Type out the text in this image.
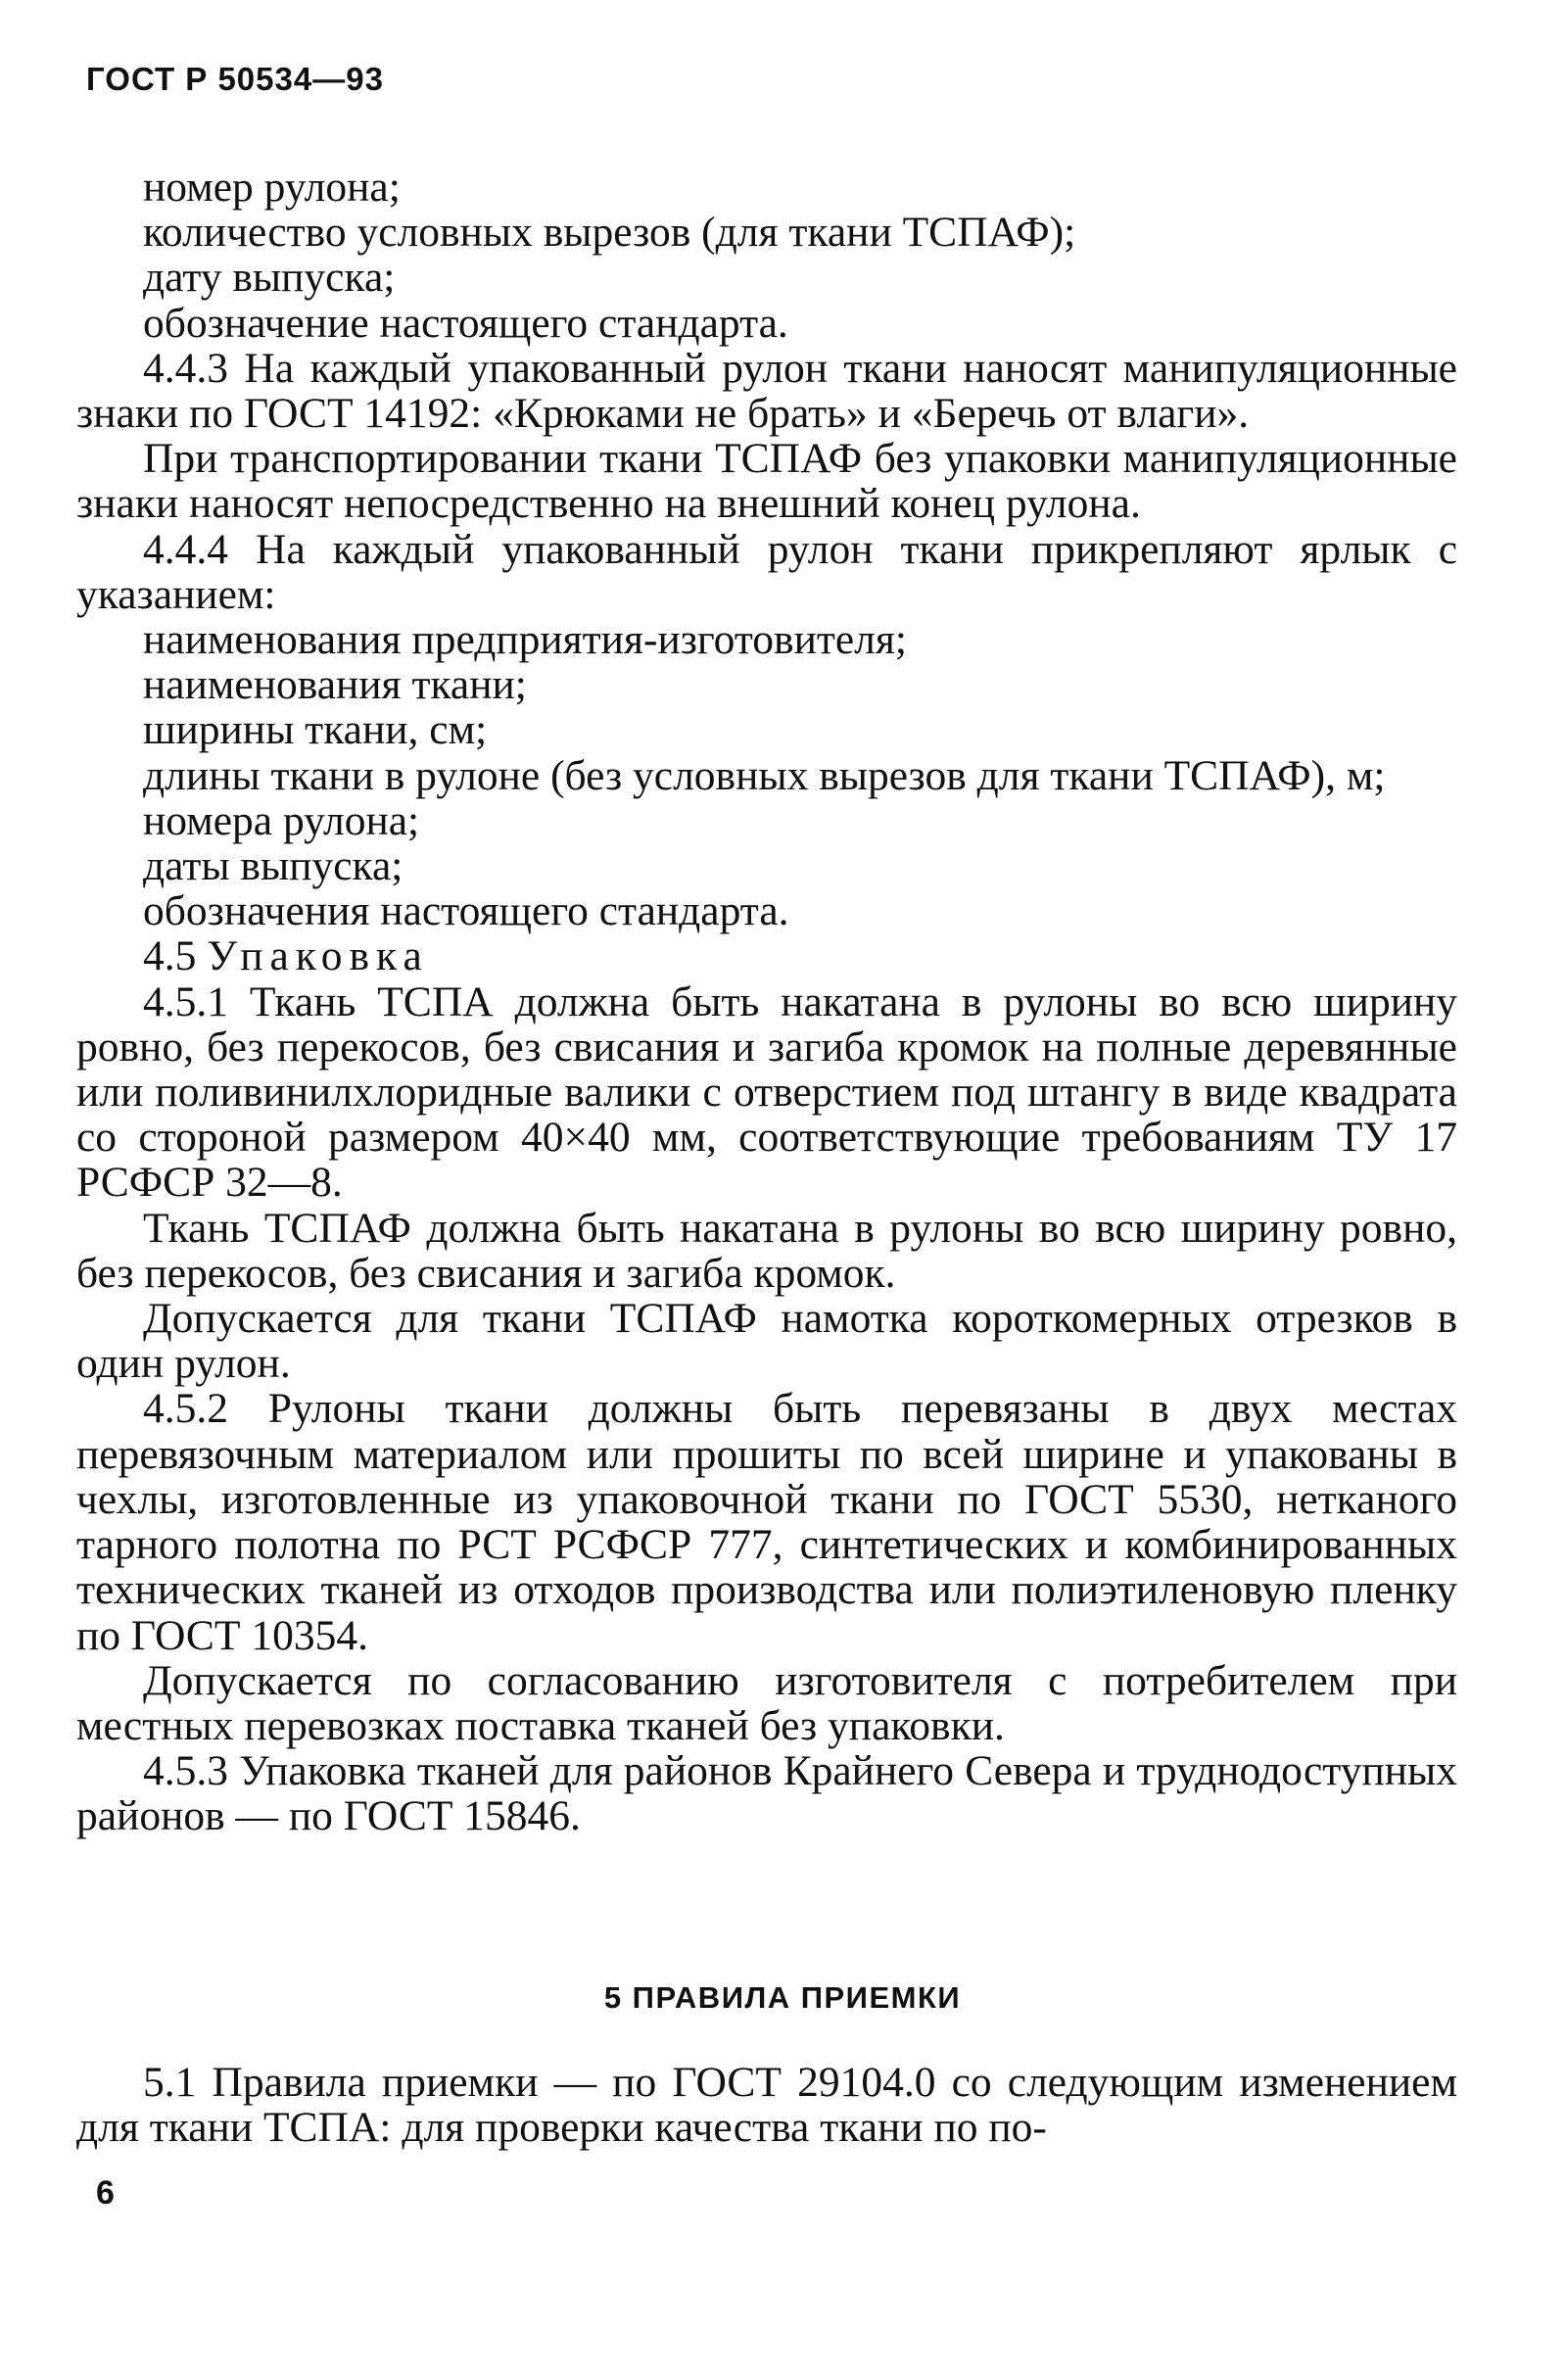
ГОСТ Р 50534—93

номер рулона;

количество условных вырезов (для ткани ТСПАФ);

дату выпуска;

обозначение настоящего стандарта.

4.4.3 На каждый упакованный рулон ткани наносят манипуляционные знаки по ГОСТ 14192: «Крюками не брать» и «Беречь от влаги».

При транспортировании ткани ТСПАФ без упаковки манипуляционные знаки наносят непосредственно на внешний конец рулона.

4.4.4 На каждый упакованный рулон ткани прикрепляют ярлык с указанием:

наименования предприятия-изготовителя;

наименования ткани;

ширины ткани, см;

длины ткани в рулоне (без условных вырезов для ткани ТСПАФ), м;

номера рулона;

даты выпуска;

обозначения настоящего стандарта.

4.5 Упаковка

4.5.1 Ткань ТСПА должна быть накатана в рулоны во всю ширину ровно, без перекосов, без свисания и загиба кромок на полные деревянные или поливинилхлоридные валики с отверстием под штангу в виде квадрата со стороной размером 40×40 мм, соответствующие требованиям ТУ 17 РСФСР 32—8.

Ткань ТСПАФ должна быть накатана в рулоны во всю ширину ровно, без перекосов, без свисания и загиба кромок.

Допускается для ткани ТСПАФ намотка короткомерных отрезков в один рулон.

4.5.2 Рулоны ткани должны быть перевязаны в двух местах перевязочным материалом или прошиты по всей ширине и упакованы в чехлы, изготовленные из упаковочной ткани по ГОСТ 5530, нетканого тарного полотна по РСТ РСФСР 777, синтетических и комбинированных технических тканей из отходов производства или полиэтиленовую пленку по ГОСТ 10354.

Допускается по согласованию изготовителя с потребителем при местных перевозках поставка тканей без упаковки.

4.5.3 Упаковка тканей для районов Крайнего Севера и труднодоступных районов — по ГОСТ 15846.

5 ПРАВИЛА ПРИЕМКИ

5.1 Правила приемки — по ГОСТ 29104.0 со следующим изменением для ткани ТСПА: для проверки качества ткани по по-

6
